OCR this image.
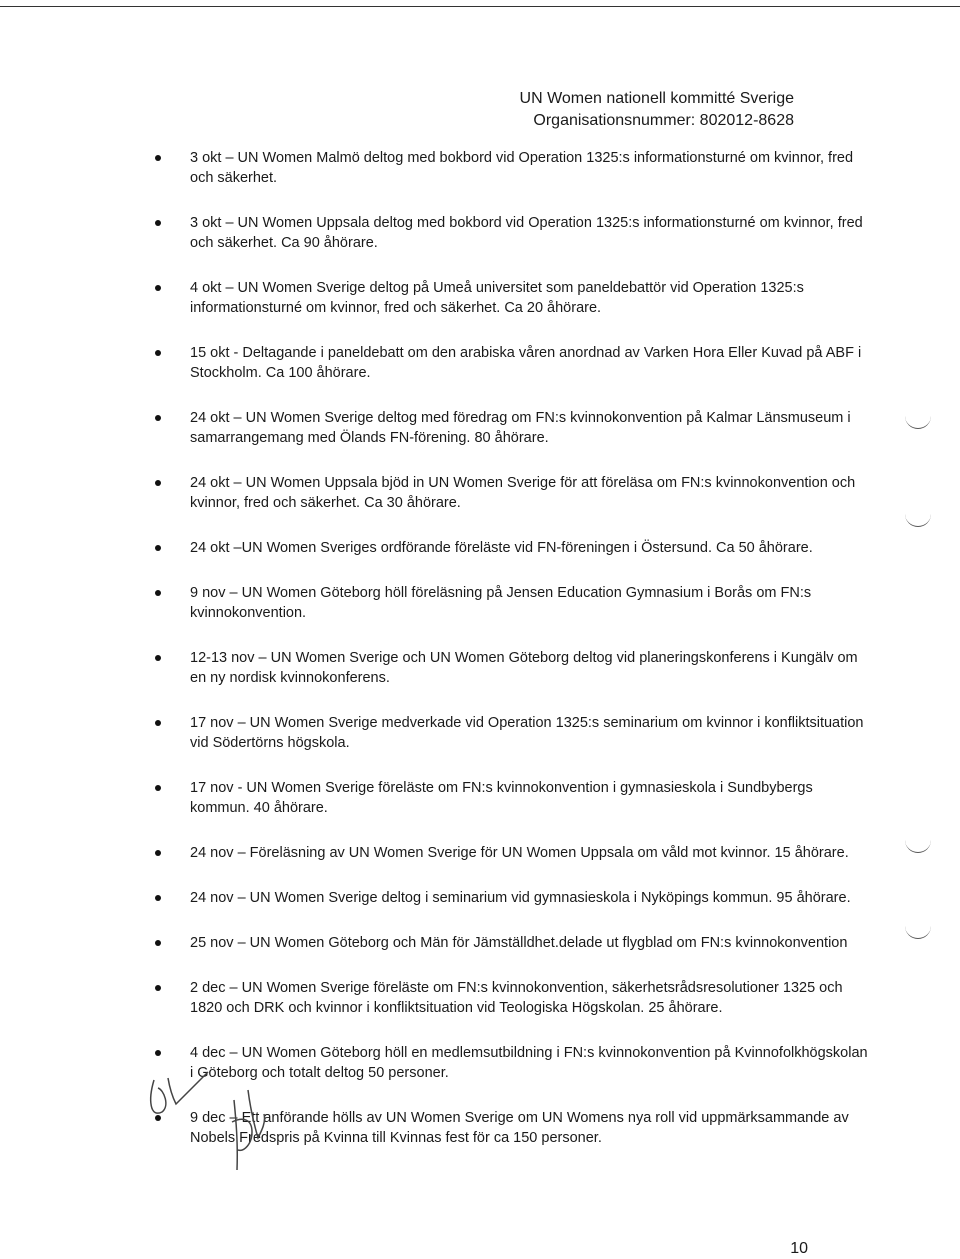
UN Women nationell kommitté Sverige
Organisationsnummer: 802012-8628
3 okt – UN Women Malmö deltog med bokbord vid Operation 1325:s informationsturné om kvinnor, fred och säkerhet.
3 okt – UN Women Uppsala deltog med bokbord vid Operation 1325:s informationsturné om kvinnor, fred och säkerhet. Ca 90 åhörare.
4 okt – UN Women Sverige deltog på Umeå universitet som paneldebattör vid Operation 1325:s informationsturné om kvinnor, fred och säkerhet. Ca 20 åhörare.
15 okt - Deltagande i paneldebatt om den arabiska våren anordnad av Varken Hora Eller Kuvad på ABF i Stockholm. Ca 100 åhörare.
24 okt – UN Women Sverige deltog med föredrag om FN:s kvinnokonvention på Kalmar Länsmuseum i samarrangemang med Ölands FN-förening. 80 åhörare.
24 okt – UN Women Uppsala bjöd in UN Women Sverige för att föreläsa om FN:s kvinnokonvention och kvinnor, fred och säkerhet. Ca 30 åhörare.
24 okt –UN Women Sveriges ordförande föreläste vid FN-föreningen i Östersund. Ca 50 åhörare.
9 nov – UN Women Göteborg höll föreläsning på Jensen Education Gymnasium i Borås om FN:s kvinnokonvention.
12-13 nov – UN Women Sverige och UN Women Göteborg deltog vid planeringskonferens i Kungälv om en ny nordisk kvinnokonferens.
17 nov – UN Women Sverige medverkade vid Operation 1325:s seminarium om kvinnor i konfliktsituation vid Södertörns högskola.
17 nov - UN Women Sverige föreläste om FN:s kvinnokonvention i gymnasieskola i Sundbybergs kommun. 40 åhörare.
24 nov – Föreläsning av UN Women Sverige för UN Women Uppsala om våld mot kvinnor. 15 åhörare.
24 nov – UN Women Sverige deltog i seminarium vid gymnasieskola i Nyköpings kommun. 95 åhörare.
25 nov – UN Women Göteborg och Män för Jämställdhet.delade ut flygblad om FN:s kvinnokonvention
2 dec – UN Women Sverige föreläste om FN:s kvinnokonvention, säkerhetsrådsresolutioner 1325 och 1820 och DRK och kvinnor i konfliktsituation vid Teologiska Högskolan. 25 åhörare.
4 dec – UN Women Göteborg höll en medlemsutbildning i FN:s kvinnokonvention på Kvinnofolkhögskolan i Göteborg och totalt deltog 50 personer.
9 dec – Ett anförande hölls av UN Women Sverige om UN Womens nya roll vid uppmärksammande av Nobels Fredspris på Kvinna till Kvinnas fest för ca 150 personer.
10
